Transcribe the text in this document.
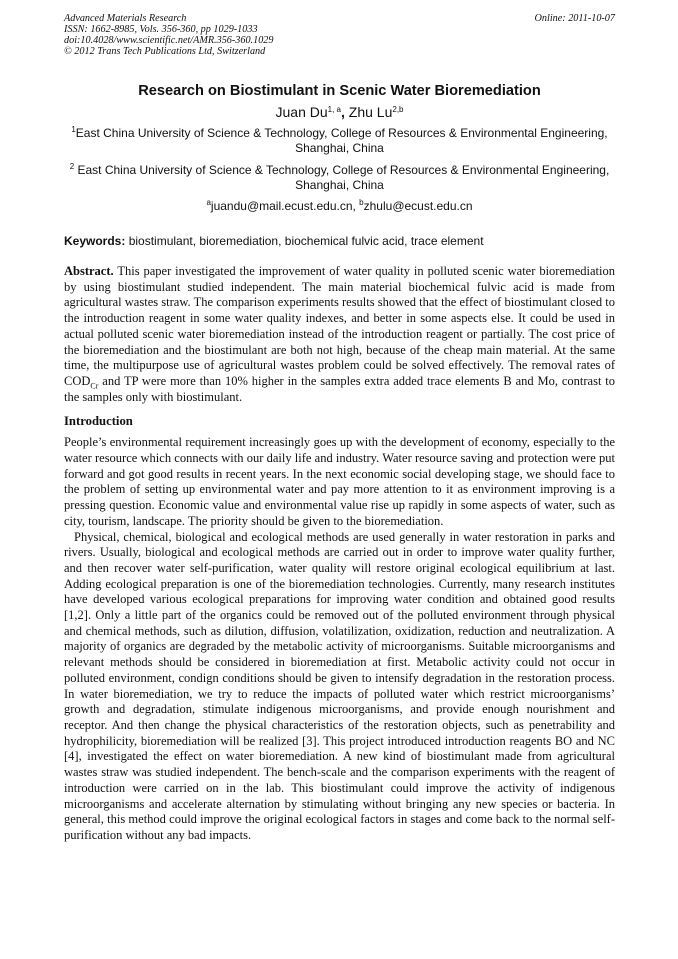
Advanced Materials Research
ISSN: 1662-8985, Vols. 356-360, pp 1029-1033
doi:10.4028/www.scientific.net/AMR.356-360.1029
© 2012 Trans Tech Publications Ltd, Switzerland
Online: 2011-10-07
Research on Biostimulant in Scenic Water Bioremediation
Juan Du$^{1, a}$, Zhu Lu$^{2,b}$
$^1$East China University of Science & Technology, College of Resources & Environmental Engineering, Shanghai, China
$^2$ East China University of Science & Technology, College of Resources & Environmental Engineering, Shanghai, China
$^a$juandu@mail.ecust.edu.cn, $^b$zhulu@ecust.edu.cn
Keywords: biostimulant, bioremediation, biochemical fulvic acid, trace element
Abstract. This paper investigated the improvement of water quality in polluted scenic water bioremediation by using biostimulant studied independent. The main material biochemical fulvic acid is made from agricultural wastes straw. The comparison experiments results showed that the effect of biostimulant closed to the introduction reagent in some water quality indexes, and better in some aspects else. It could be used in actual polluted scenic water bioremediation instead of the introduction reagent or partially. The cost price of the bioremediation and the biostimulant are both not high, because of the cheap main material. At the same time, the multipurpose use of agricultural wastes problem could be solved effectively. The removal rates of $COD_{Cr}$ and TP were more than 10% higher in the samples extra added trace elements B and Mo, contrast to the samples only with biostimulant.
Introduction
People’s environmental requirement increasingly goes up with the development of economy, especially to the water resource which connects with our daily life and industry. Water resource saving and protection were put forward and got good results in recent years. In the next economic social developing stage, we should face to the problem of setting up environmental water and pay more attention to it as environment improving is a pressing question. Economic value and environmental value rise up rapidly in some aspects of water, such as city, tourism, landscape. The priority should be given to the bioremediation.
Physical, chemical, biological and ecological methods are used generally in water restoration in parks and rivers. Usually, biological and ecological methods are carried out in order to improve water quality further, and then recover water self-purification, water quality will restore original ecological equilibrium at last. Adding ecological preparation is one of the bioremediation technologies. Currently, many research institutes have developed various ecological preparations for improving water condition and obtained good results [1,2]. Only a little part of the organics could be removed out of the polluted environment through physical and chemical methods, such as dilution, diffusion, volatilization, oxidization, reduction and neutralization. A majority of organics are degraded by the metabolic activity of microorganisms. Suitable microorganisms and relevant methods should be considered in bioremediation at first. Metabolic activity could not occur in polluted environment, condign conditions should be given to intensify degradation in the restoration process. In water bioremediation, we try to reduce the impacts of polluted water which restrict microorganisms’ growth and degradation, stimulate indigenous microorganisms, and provide enough nourishment and receptor. And then change the physical characteristics of the restoration objects, such as penetrability and hydrophilicity, bioremediation will be realized [3]. This project introduced introduction reagents BO and NC [4], investigated the effect on water bioremediation. A new kind of biostimulant made from agricultural wastes straw was studied independent. The bench-scale and the comparison experiments with the reagent of introduction were carried on in the lab. This biostimulant could improve the activity of indigenous microorganisms and accelerate alternation by stimulating without bringing any new species or bacteria. In general, this method could improve the original ecological factors in stages and come back to the normal self-purification without any bad impacts.
